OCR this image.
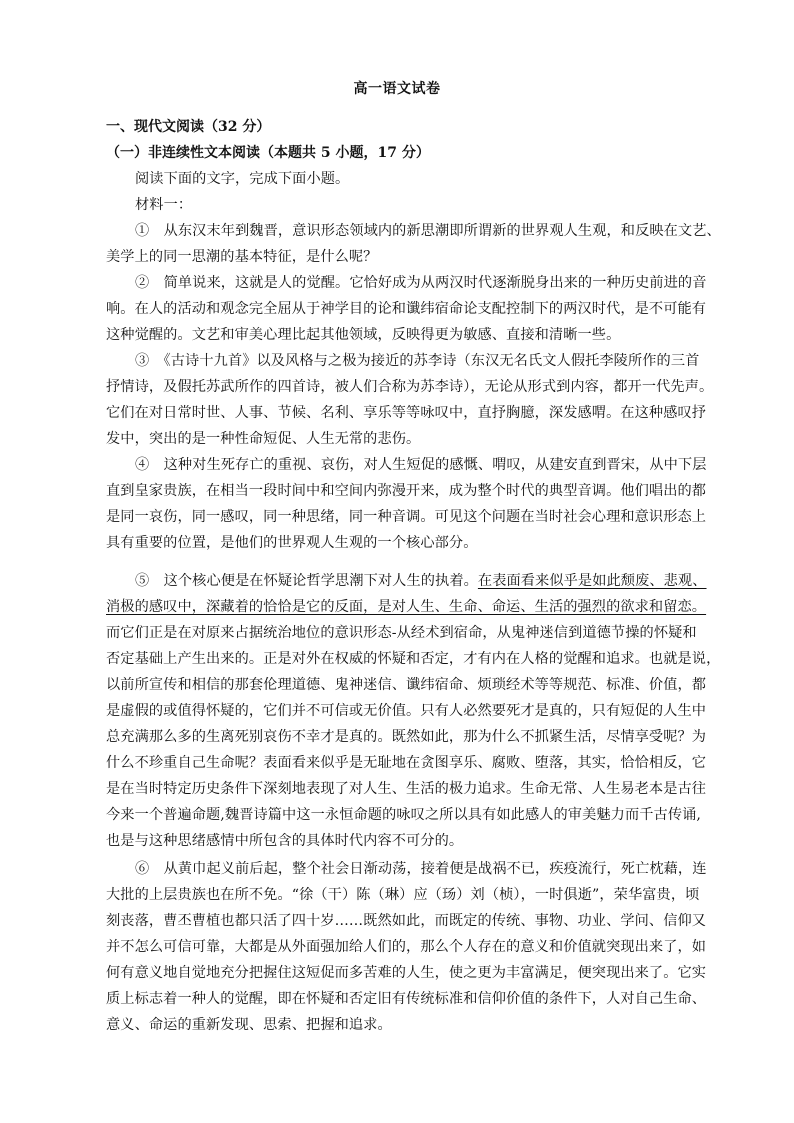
高一语文试卷
一、现代文阅读（32 分）
（一）非连续性文本阅读（本题共 5 小题，17 分）
阅读下面的文字，完成下面小题。
材料一：
①　从东汉末年到魏晋，意识形态领域内的新思潮即所谓新的世界观人生观，和反映在文艺、
美学上的同一思潮的基本特征，是什么呢？
②　简单说来，这就是人的觉醒。它恰好成为从两汉时代逐渐脱身出来的一种历史前进的音
响。在人的活动和观念完全屈从于神学目的论和谶纬宿命论支配控制下的两汉时代，是不可能有
这种觉醒的。文艺和审美心理比起其他领域，反映得更为敏感、直接和清晰一些。
③　《古诗十九首》以及风格与之极为接近的苏李诗（东汉无名氏文人假托李陵所作的三首
抒情诗，及假托苏武所作的四首诗，被人们合称为苏李诗），无论从形式到内容，都开一代先声。
它们在对日常时世、人事、节候、名利、享乐等等咏叹中，直抒胸臆，深发感喟。在这种感叹抒
发中，突出的是一种性命短促、人生无常的悲伤。
④　这种对生死存亡的重视、哀伤，对人生短促的感慨、喟叹，从建安直到晋宋，从中下层
直到皇家贵族，在相当一段时间中和空间内弥漫开来，成为整个时代的典型音调。他们唱出的都
是同一哀伤，同一感叹，同一种思绪，同一种音调。可见这个问题在当时社会心理和意识形态上
具有重要的位置，是他们的世界观人生观的一个核心部分。
⑤　这个核心便是在怀疑论哲学思潮下对人生的执着。在表面看来似乎是如此颓废、悲观、
消极的感叹中，深藏着的恰恰是它的反面，是对人生、生命、命运、生活的强烈的欲求和留恋。
而它们正是在对原来占据统治地位的意识形态-从经术到宿命，从鬼神迷信到道德节操的怀疑和
否定基础上产生出来的。正是对外在权威的怀疑和否定，才有内在人格的觉醒和追求。也就是说，
以前所宣传和相信的那套伦理道德、鬼神迷信、谶纬宿命、烦琐经术等等规范、标准、价值，都
是虚假的或值得怀疑的，它们并不可信或无价值。只有人必然要死才是真的，只有短促的人生中
总充满那么多的生离死别哀伤不幸才是真的。既然如此，那为什么不抓紧生活，尽情享受呢？为
什么不珍重自己生命呢？表面看来似乎是无耻地在贪图享乐、腐败、堕落，其实，恰恰相反，它
是在当时特定历史条件下深刻地表现了对人生、生活的极力追求。生命无常、人生易老本是古往
今来一个普遍命题,魏晋诗篇中这一永恒命题的咏叹之所以具有如此感人的审美魅力而千古传诵,
也是与这种思绪感情中所包含的具体时代内容不可分的。
⑥　从黄巾起义前后起，整个社会日渐动荡，接着便是战祸不已，疾疫流行，死亡枕藉，连
大批的上层贵族也在所不免。“徐（干）陈（琳）应（玚）刘（桢），一时俱逝”，荣华富贵，顷
刻丧落，曹丕曹植也都只活了四十岁……既然如此，而既定的传统、事物、功业、学问、信仰又
并不怎么可信可靠，大都是从外面强加给人们的，那么个人存在的意义和价值就突现出来了，如
何有意义地自觉地充分把握住这短促而多苦难的人生，使之更为丰富满足，便突现出来了。它实
质上标志着一种人的觉醒，即在怀疑和否定旧有传统标准和信仰价值的条件下，人对自己生命、
意义、命运的重新发现、思索、把握和追求。
